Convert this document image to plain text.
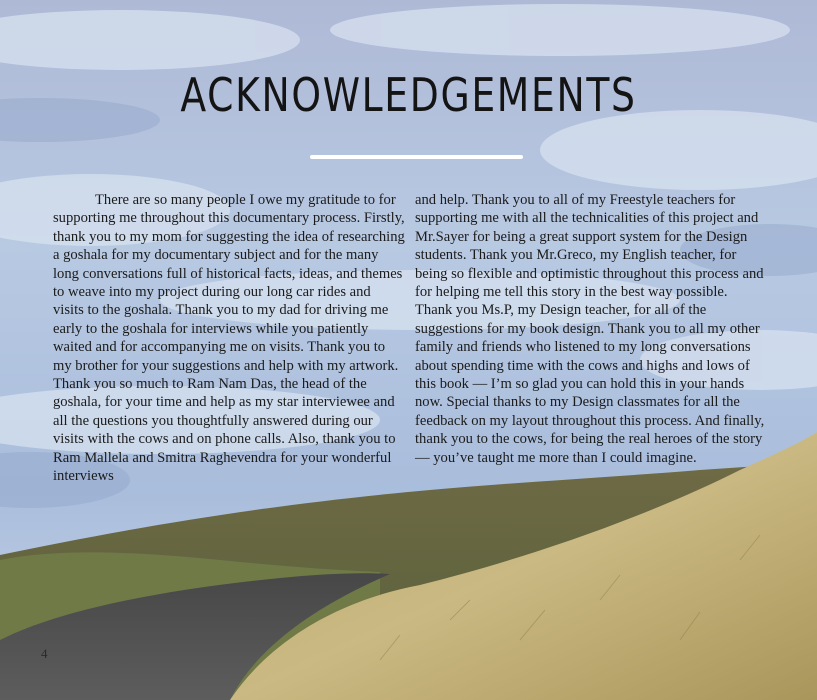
ACKNOWLEDGEMENTS

There are so many people I owe my gratitude to for supporting me throughout this documentary process. Firstly, thank you to my mom for suggesting the idea of researching a goshala for my documentary subject and for the many long conversations full of historical facts, ideas, and themes to weave into my project during our long car rides and visits to the goshala. Thank you to my dad for driving me early to the goshala for interviews while you patiently waited and for accompanying me on visits. Thank you to my brother for your suggestions and help with my artwork. Thank you so much to Ram Nam Das, the head of the goshala, for your time and help as my star interviewee and all the questions you thoughtfully answered during our visits with the cows and on phone calls. Also, thank you to Ram Mallela and Smitra Raghevendra for your wonderful interviews

and help. Thank you to all of my Freestyle teachers for supporting me with all the technicalities of this project and Mr.Sayer for being a great support system for the Design students. Thank you Mr.Greco, my English teacher, for being so flexible and optimistic throughout this process and for helping me tell this story in the best way possible. Thank you Ms.P, my Design teacher, for all of the suggestions for my book design. Thank you to all my other family and friends who listened to my long conversations about spending time with the cows and highs and lows of this book — I’m so glad you can hold this in your hands now. Special thanks to my Design classmates for all the feedback on my layout throughout this process. And finally, thank you to the cows, for being the real heroes of the story — you’ve taught me more than I could imagine.

4
